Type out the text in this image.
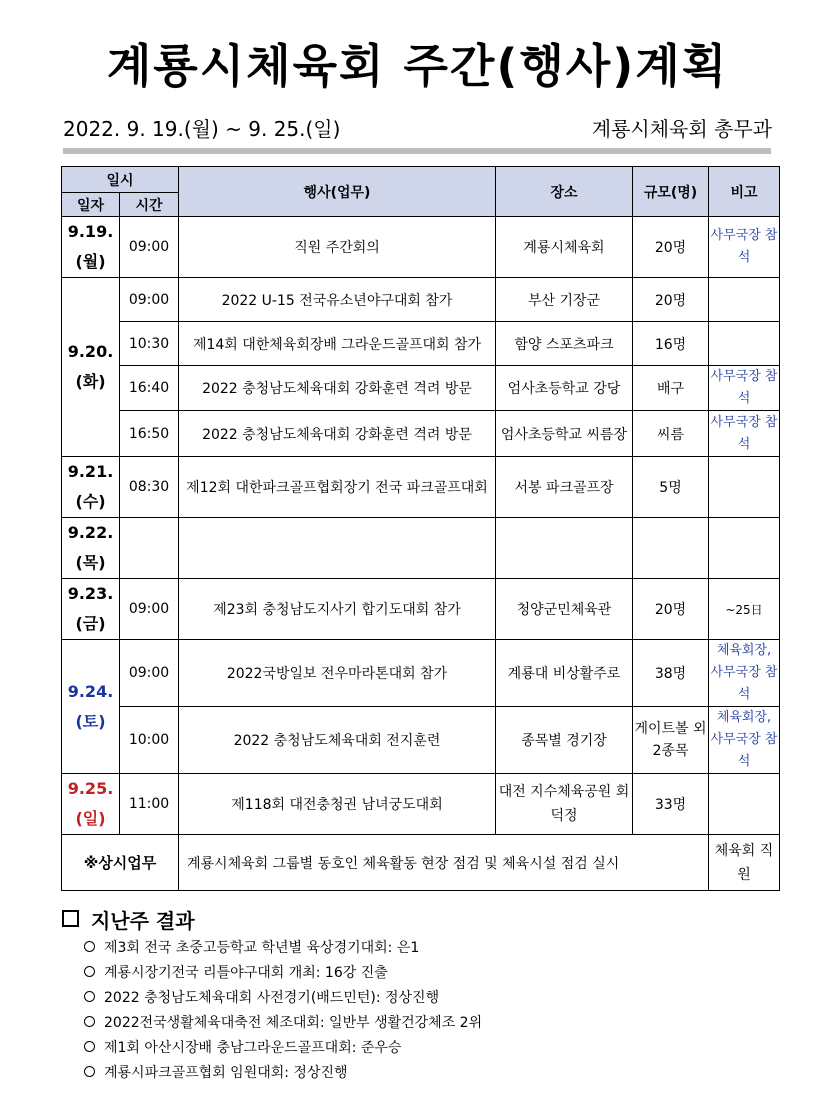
계룡시체육회 주간(행사)계획
2022. 9. 19.(월) ~ 9. 25.(일)	계룡시체육회 총무과
일시		행사(업무)	장소	규모(명)	비고
일자	시간				
9.19.
(월)	09:00	직원 주간회의	계룡시체육회	20명	사무국장 참석
9.20.
(화)	09:00	2022 U-15 전국유소년야구대회 참가	부산 기장군	20명	
	10:30	제14회 대한체육회장배 그라운드골프대회 참가	함양 스포츠파크	16명	
	16:40	2022 충청남도체육대회 강화훈련 격려 방문	엄사초등학교 강당	배구	사무국장 참석
	16:50	2022 충청남도체육대회 강화훈련 격려 방문	엄사초등학교 씨름장	씨름	사무국장 참석
9.21.
(수)	08:30	제12회 대한파크골프협회장기 전국 파크골프대회	서봉 파크골프장	5명	
9.22.
(목)					
9.23.
(금)	09:00	제23회 충청남도지사기 합기도대회 참가	청양군민체육관	20명	~25日
9.24.
(토)	09:00	2022국방일보 전우마라톤대회 참가	계룡대 비상활주로	38명	체육회장, 사무국장 참석
	10:00	2022 충청남도체육대회 전지훈련	종목별 경기장	게이트볼 외 2종목	체육회장, 사무국장 참석
9.25.
(일)	11:00	제118회 대전충청권 남녀궁도대회	대전 지수체육공원 회덕정	33명	
※상시업무		계룡시체육회 그룹별 동호인 체육활동 현장 점검 및 체육시설 점검 실시			체육회 직원
지난주 결과
제3회 전국 초중고등학교 학년별 육상경기대회: 은1
계룡시장기전국 리틀야구대회 개최: 16강 진출
2022 충청남도체육대회 사전경기(배드민턴): 정상진행
2022전국생활체육대축전 체조대회: 일반부 생활건강체조 2위
제1회 아산시장배 충남그라운드골프대회: 준우승
계룡시파크골프협회 임원대회: 정상진행
